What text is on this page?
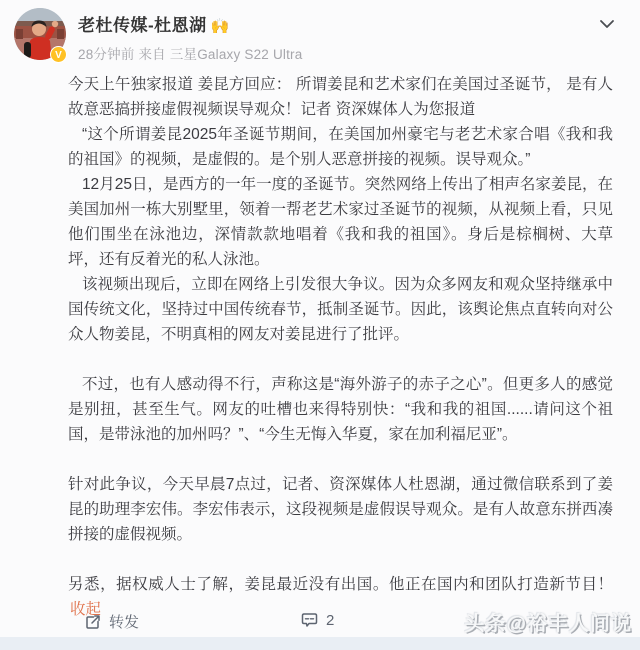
V
老杜传媒-杜恩湖 🙌
28分钟前 来自 三星Galaxy S22 Ultra

今天上午独家报道 姜昆方回应： 所谓姜昆和艺术家们在美国过圣诞节， 是有人故意恶搞拼接虚假视频误导观众！记者 资深媒体人为您报道

“这个所谓姜昆2025年圣诞节期间，在美国加州豪宅与老艺术家合唱《我和我的祖国》的视频，是虚假的。是个别人恶意拼接的视频。误导观众。”

12月25日，是西方的一年一度的圣诞节。突然网络上传出了相声名家姜昆，在美国加州一栋大别墅里，领着一帮老艺术家过圣诞节的视频，从视频上看，只见他们围坐在泳池边，深情款款地唱着《我和我的祖国》。身后是棕榈树、大草坪，还有反着光的私人泳池。

该视频出现后，立即在网络上引发很大争议。因为众多网友和观众坚持继承中国传统文化，坚持过中国传统春节，抵制圣诞节。因此，该舆论焦点直转向对公众人物姜昆，不明真相的网友对姜昆进行了批评。

不过，也有人感动得不行，声称这是“海外游子的赤子之心”。但更多人的感觉是别扭，甚至生气。网友的吐槽也来得特别快：“我和我的祖国......请问这个祖国，是带泳池的加州吗？”、“今生无悔入华夏，家在加利福尼亚”。

针对此争议，今天早晨7点过，记者、资深媒体人杜恩湖，通过微信联系到了姜昆的助理李宏伟。李宏伟表示，这段视频是虚假误导观众。是有人故意东拼西凑拼接的虚假视频。

另悉，据权威人士了解，姜昆最近没有出国。他正在国内和团队打造新节目！ 收起

转发	2	头条@裕丰人间说
